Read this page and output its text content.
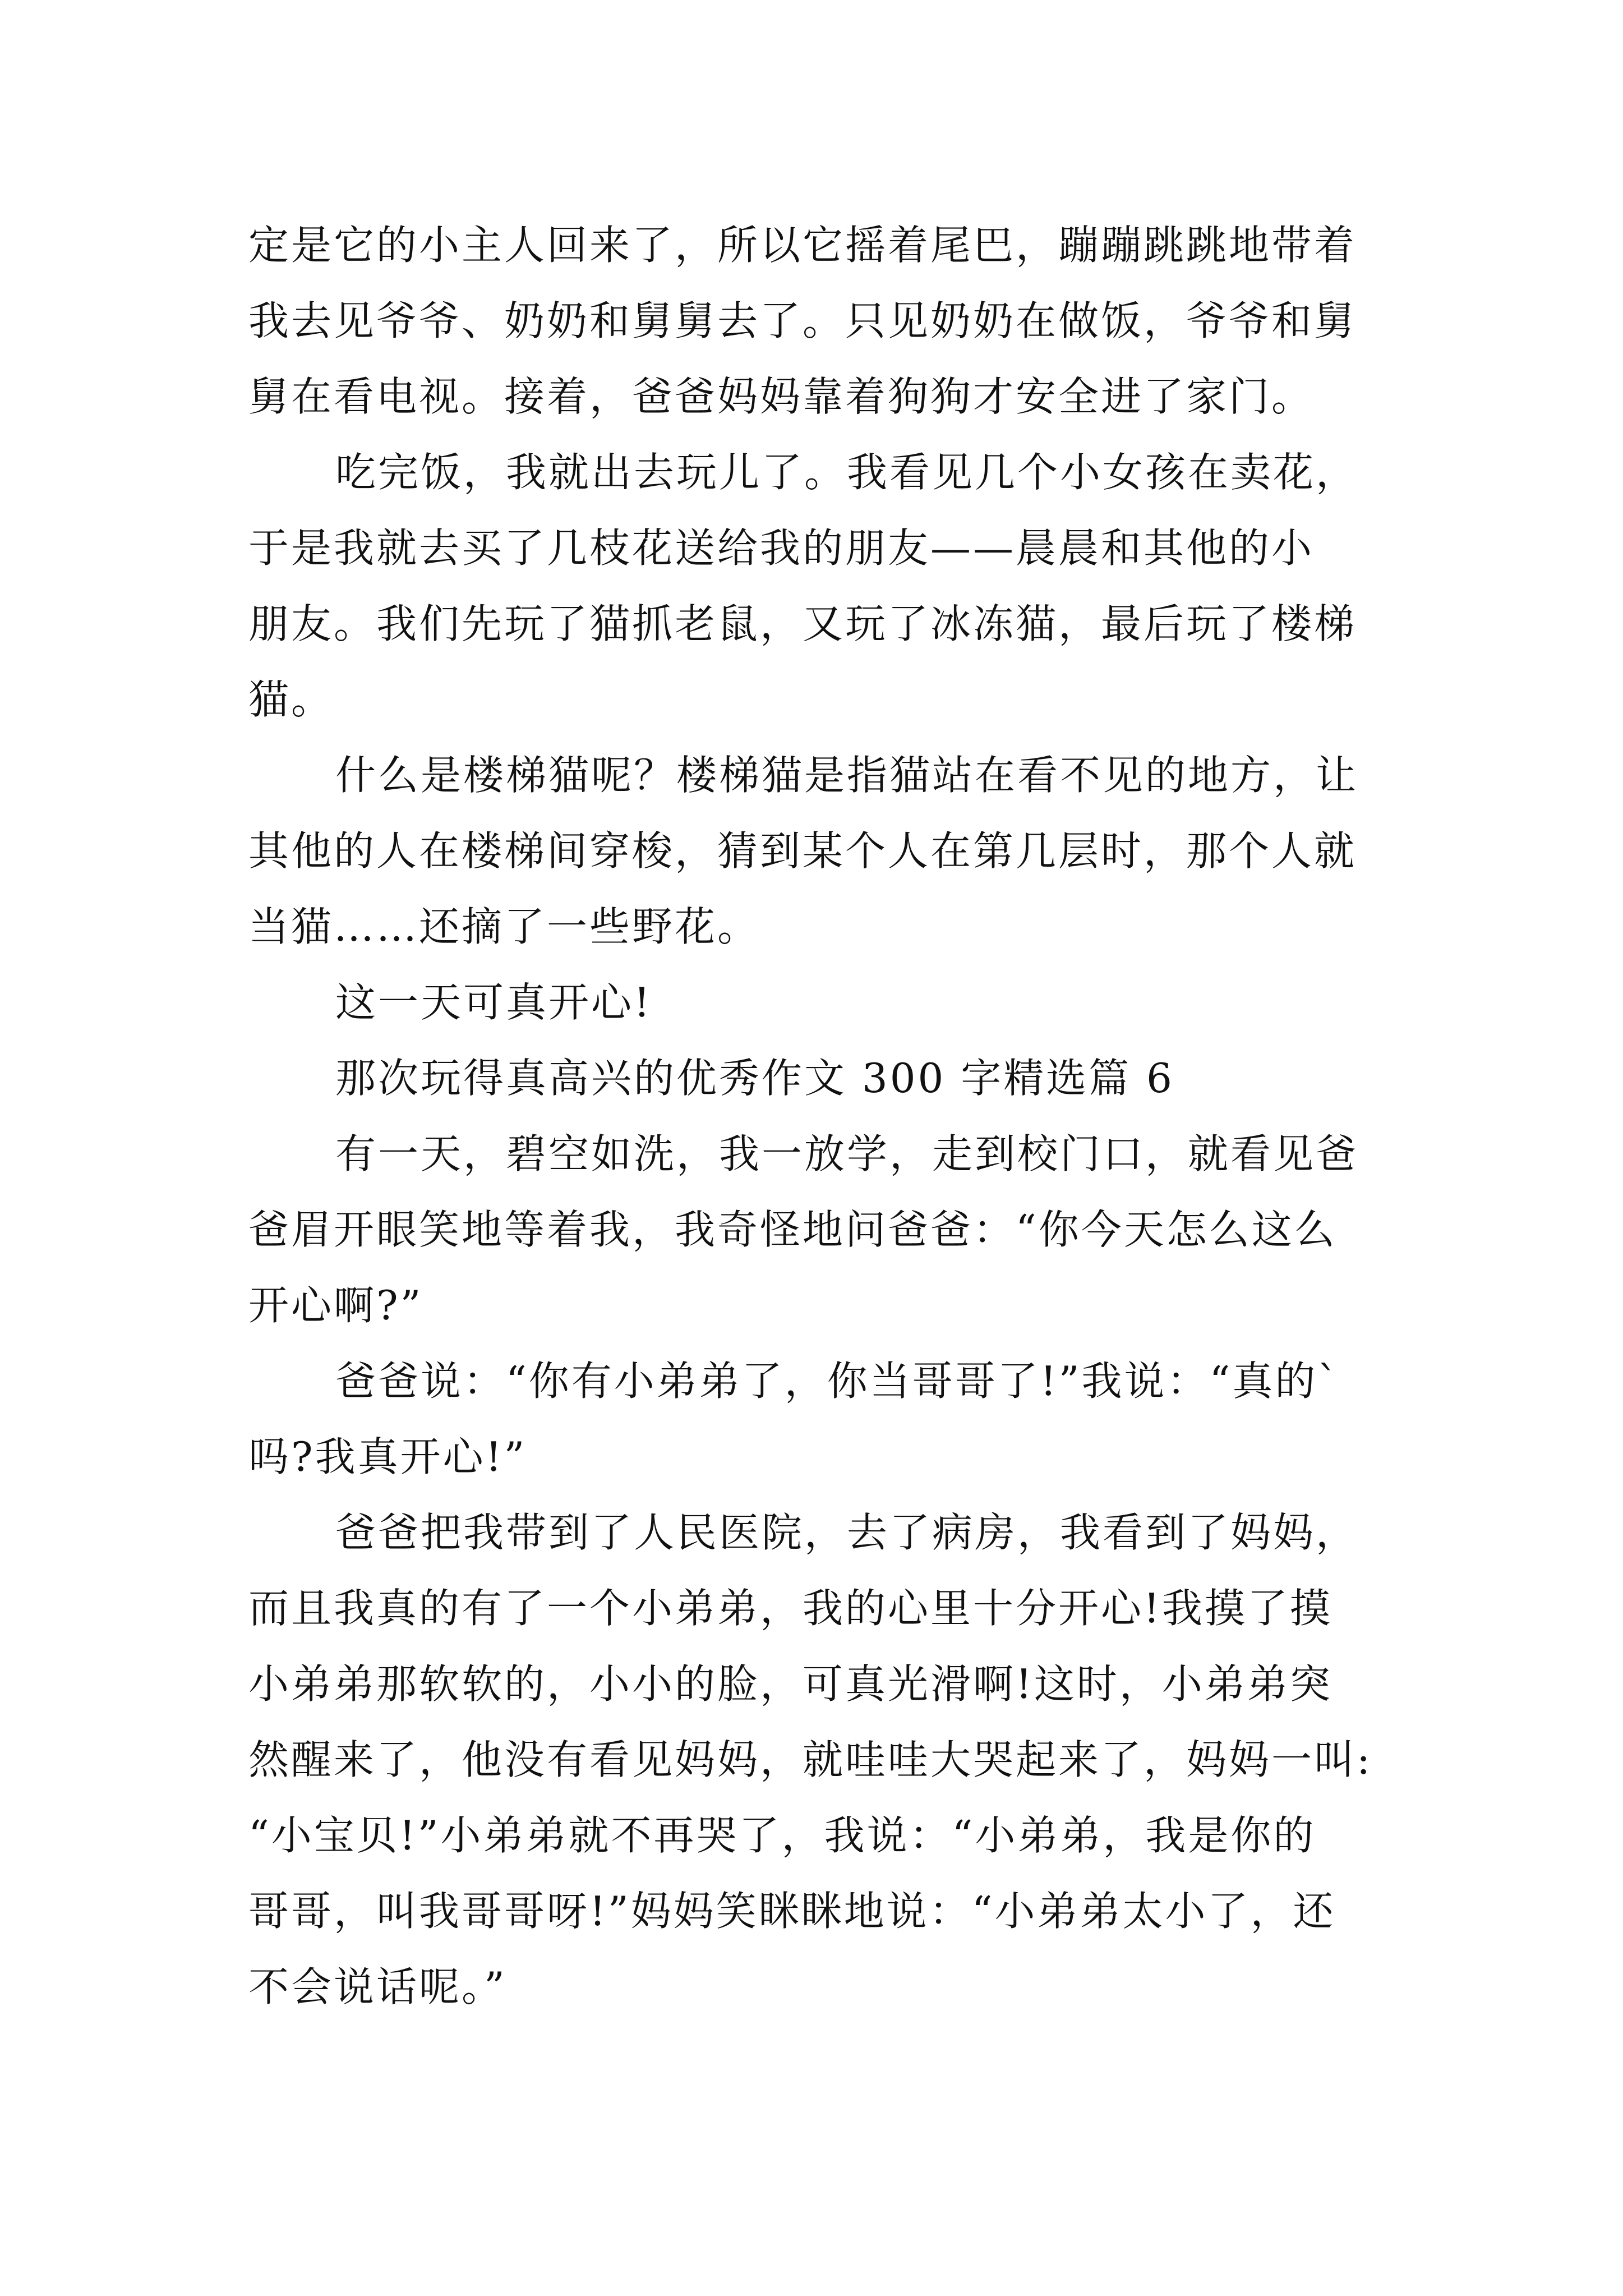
定是它的小主人回来了，所以它摇着尾巴，蹦蹦跳跳地带着
我去见爷爷、奶奶和舅舅去了。只见奶奶在做饭，爷爷和舅
舅在看电视。接着，爸爸妈妈靠着狗狗才安全进了家门。

吃完饭，我就出去玩儿了。我看见几个小女孩在卖花，
于是我就去买了几枝花送给我的朋友——晨晨和其他的小
朋友。我们先玩了猫抓老鼠，又玩了冰冻猫，最后玩了楼梯
猫。

什么是楼梯猫呢？楼梯猫是指猫站在看不见的地方，让
其他的人在楼梯间穿梭，猜到某个人在第几层时，那个人就
当猫……还摘了一些野花。

这一天可真开心!

那次玩得真高兴的优秀作文 300 字精选篇 6

有一天，碧空如洗，我一放学，走到校门口，就看见爸
爸眉开眼笑地等着我，我奇怪地问爸爸：“你今天怎么这么
开心啊?”

爸爸说：“你有小弟弟了，你当哥哥了!”我说：“真的`
吗?我真开心!”

爸爸把我带到了人民医院，去了病房，我看到了妈妈，
而且我真的有了一个小弟弟，我的心里十分开心!我摸了摸
小弟弟那软软的，小小的脸，可真光滑啊!这时，小弟弟突
然醒来了，他没有看见妈妈，就哇哇大哭起来了，妈妈一叫:
“小宝贝!”小弟弟就不再哭了，我说：“小弟弟，我是你的
哥哥，叫我哥哥呀!”妈妈笑眯眯地说：“小弟弟太小了，还
不会说话呢。”
